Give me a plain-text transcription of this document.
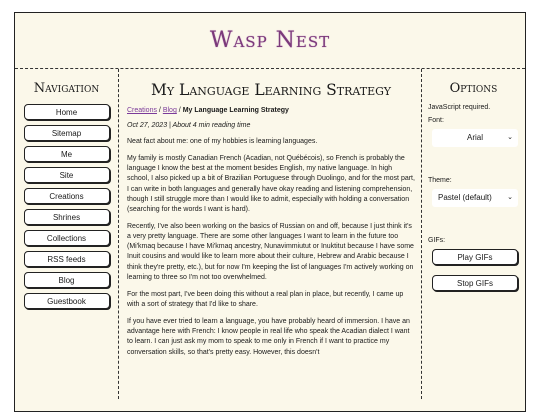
Wasp Nest
Navigation
Home
Sitemap
Me
Site
Creations
Shrines
Collections
RSS feeds
Blog
Guestbook
My Language Learning Strategy
Creations / Blog / My Language Learning Strategy
Oct 27, 2023 | About 4 min reading time

Neat fact about me: one of my hobbies is learning languages.

My family is mostly Canadian French (Acadian, not Québécois), so French is probably the language I know the best at the moment besides English, my native language. In high school, I also picked up a bit of Brazilian Portuguese through Duolingo, and for the most part, I can write in both languages and generally have okay reading and listening comprehension, though I still struggle more than I would like to admit, especially with holding a conversation (searching for the words I want is hard).

Recently, I've also been working on the basics of Russian on and off, because I just think it's a very pretty language. There are some other languages I want to learn in the future too (Mi'kmaq because I have Mi'kmaq ancestry, Nunavimmiutut or Inuktitut because I have some Inuit cousins and would like to learn more about their culture, Hebrew and Arabic because I think they're pretty, etc.), but for now I'm keeping the list of languages I'm actively working on learning to three so I'm not too overwhelmed.

For the most part, I've been doing this without a real plan in place, but recently, I came up with a sort of strategy that I'd like to share.

If you have ever tried to learn a language, you have probably heard of immersion. I have an advantage here with French: I know people in real life who speak the Acadian dialect I want to learn. I can just ask my mom to speak to me only in French if I want to practice my conversation skills, so that's pretty easy. However, this doesn't

Options
JavaScript required.
Font:
Arial	⌄
Theme:
Pastel (default) ⌄
GIFs:
Play GIFs
Stop GIFs
